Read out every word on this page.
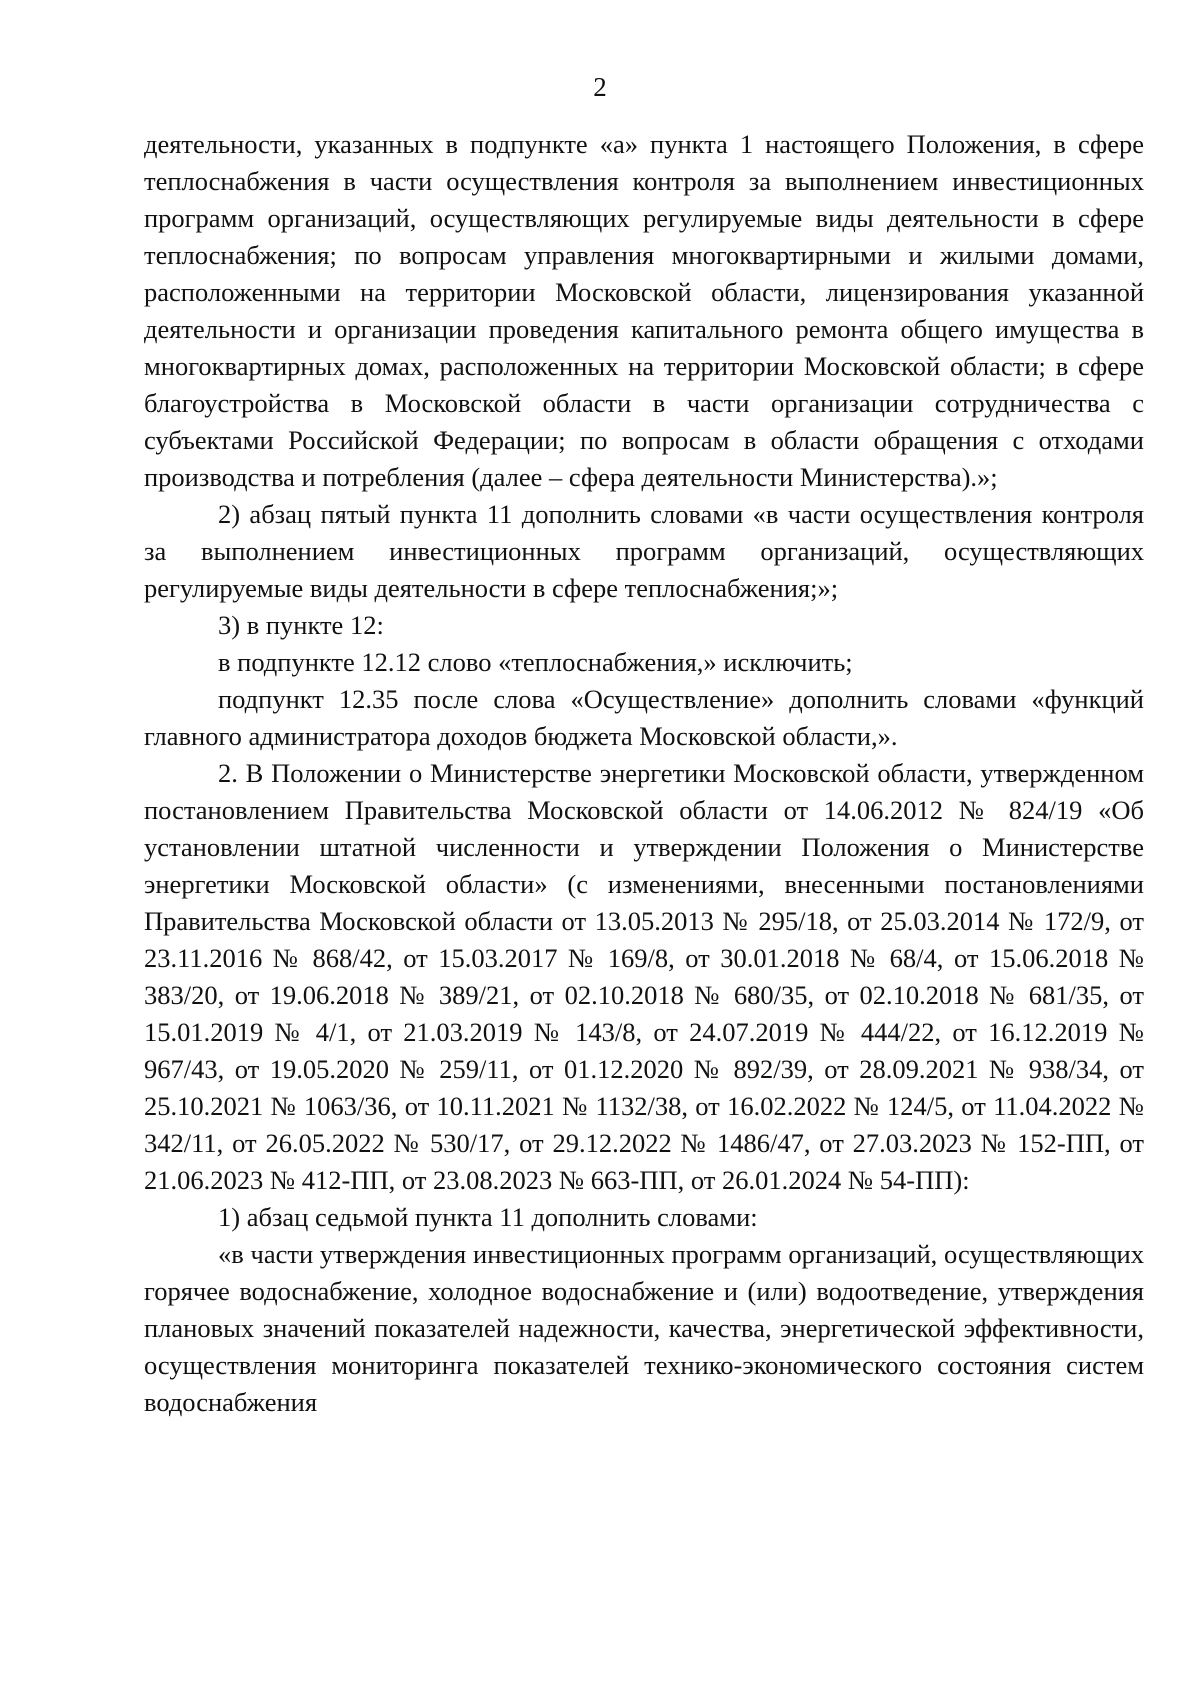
2

деятельности, указанных в подпункте «а» пункта 1 настоящего Положения, в сфере теплоснабжения в части осуществления контроля за выполнением инвестиционных программ организаций, осуществляющих регулируемые виды деятельности в сфере теплоснабжения; по вопросам управления многоквартирными и жилыми домами, расположенными на территории Московской области, лицензирования указанной деятельности и организации проведения капитального ремонта общего имущества в многоквартирных домах, расположенных на территории Московской области; в сфере благоустройства в Московской области в части организации сотрудничества с субъектами Российской Федерации; по вопросам в области обращения с отходами производства и потребления (далее – сфера деятельности Министерства).»;

2) абзац пятый пункта 11 дополнить словами «в части осуществления контроля за выполнением инвестиционных программ организаций, осуществляющих регулируемые виды деятельности в сфере теплоснабжения;»;

3) в пункте 12:

в подпункте 12.12 слово «теплоснабжения,» исключить;

подпункт 12.35 после слова «Осуществление» дополнить словами «функций главного администратора доходов бюджета Московской области,».

2. В Положении о Министерстве энергетики Московской области, утвержденном постановлением Правительства Московской области от 14.06.2012 № 824/19 «Об установлении штатной численности и утверждении Положения о Министерстве энергетики Московской области» (с изменениями, внесенными постановлениями Правительства Московской области от 13.05.2013 № 295/18, от 25.03.2014 № 172/9, от 23.11.2016 № 868/42, от 15.03.2017 № 169/8, от 30.01.2018 № 68/4, от 15.06.2018 № 383/20, от 19.06.2018 № 389/21, от 02.10.2018 № 680/35, от 02.10.2018 № 681/35, от 15.01.2019 № 4/1, от 21.03.2019 № 143/8, от 24.07.2019 № 444/22, от 16.12.2019 № 967/43, от 19.05.2020 № 259/11, от 01.12.2020 № 892/39, от 28.09.2021 № 938/34, от 25.10.2021 № 1063/36, от 10.11.2021 № 1132/38, от 16.02.2022 № 124/5, от 11.04.2022 № 342/11, от 26.05.2022 № 530/17, от 29.12.2022 № 1486/47, от 27.03.2023 № 152-ПП, от 21.06.2023 № 412-ПП, от 23.08.2023 № 663-ПП, от 26.01.2024 № 54-ПП):

1) абзац седьмой пункта 11 дополнить словами:

«в части утверждения инвестиционных программ организаций, осуществляющих горячее водоснабжение, холодное водоснабжение и (или) водоотведение, утверждения плановых значений показателей надежности, качества, энергетической эффективности, осуществления мониторинга показателей технико-экономического состояния систем водоснабжения
